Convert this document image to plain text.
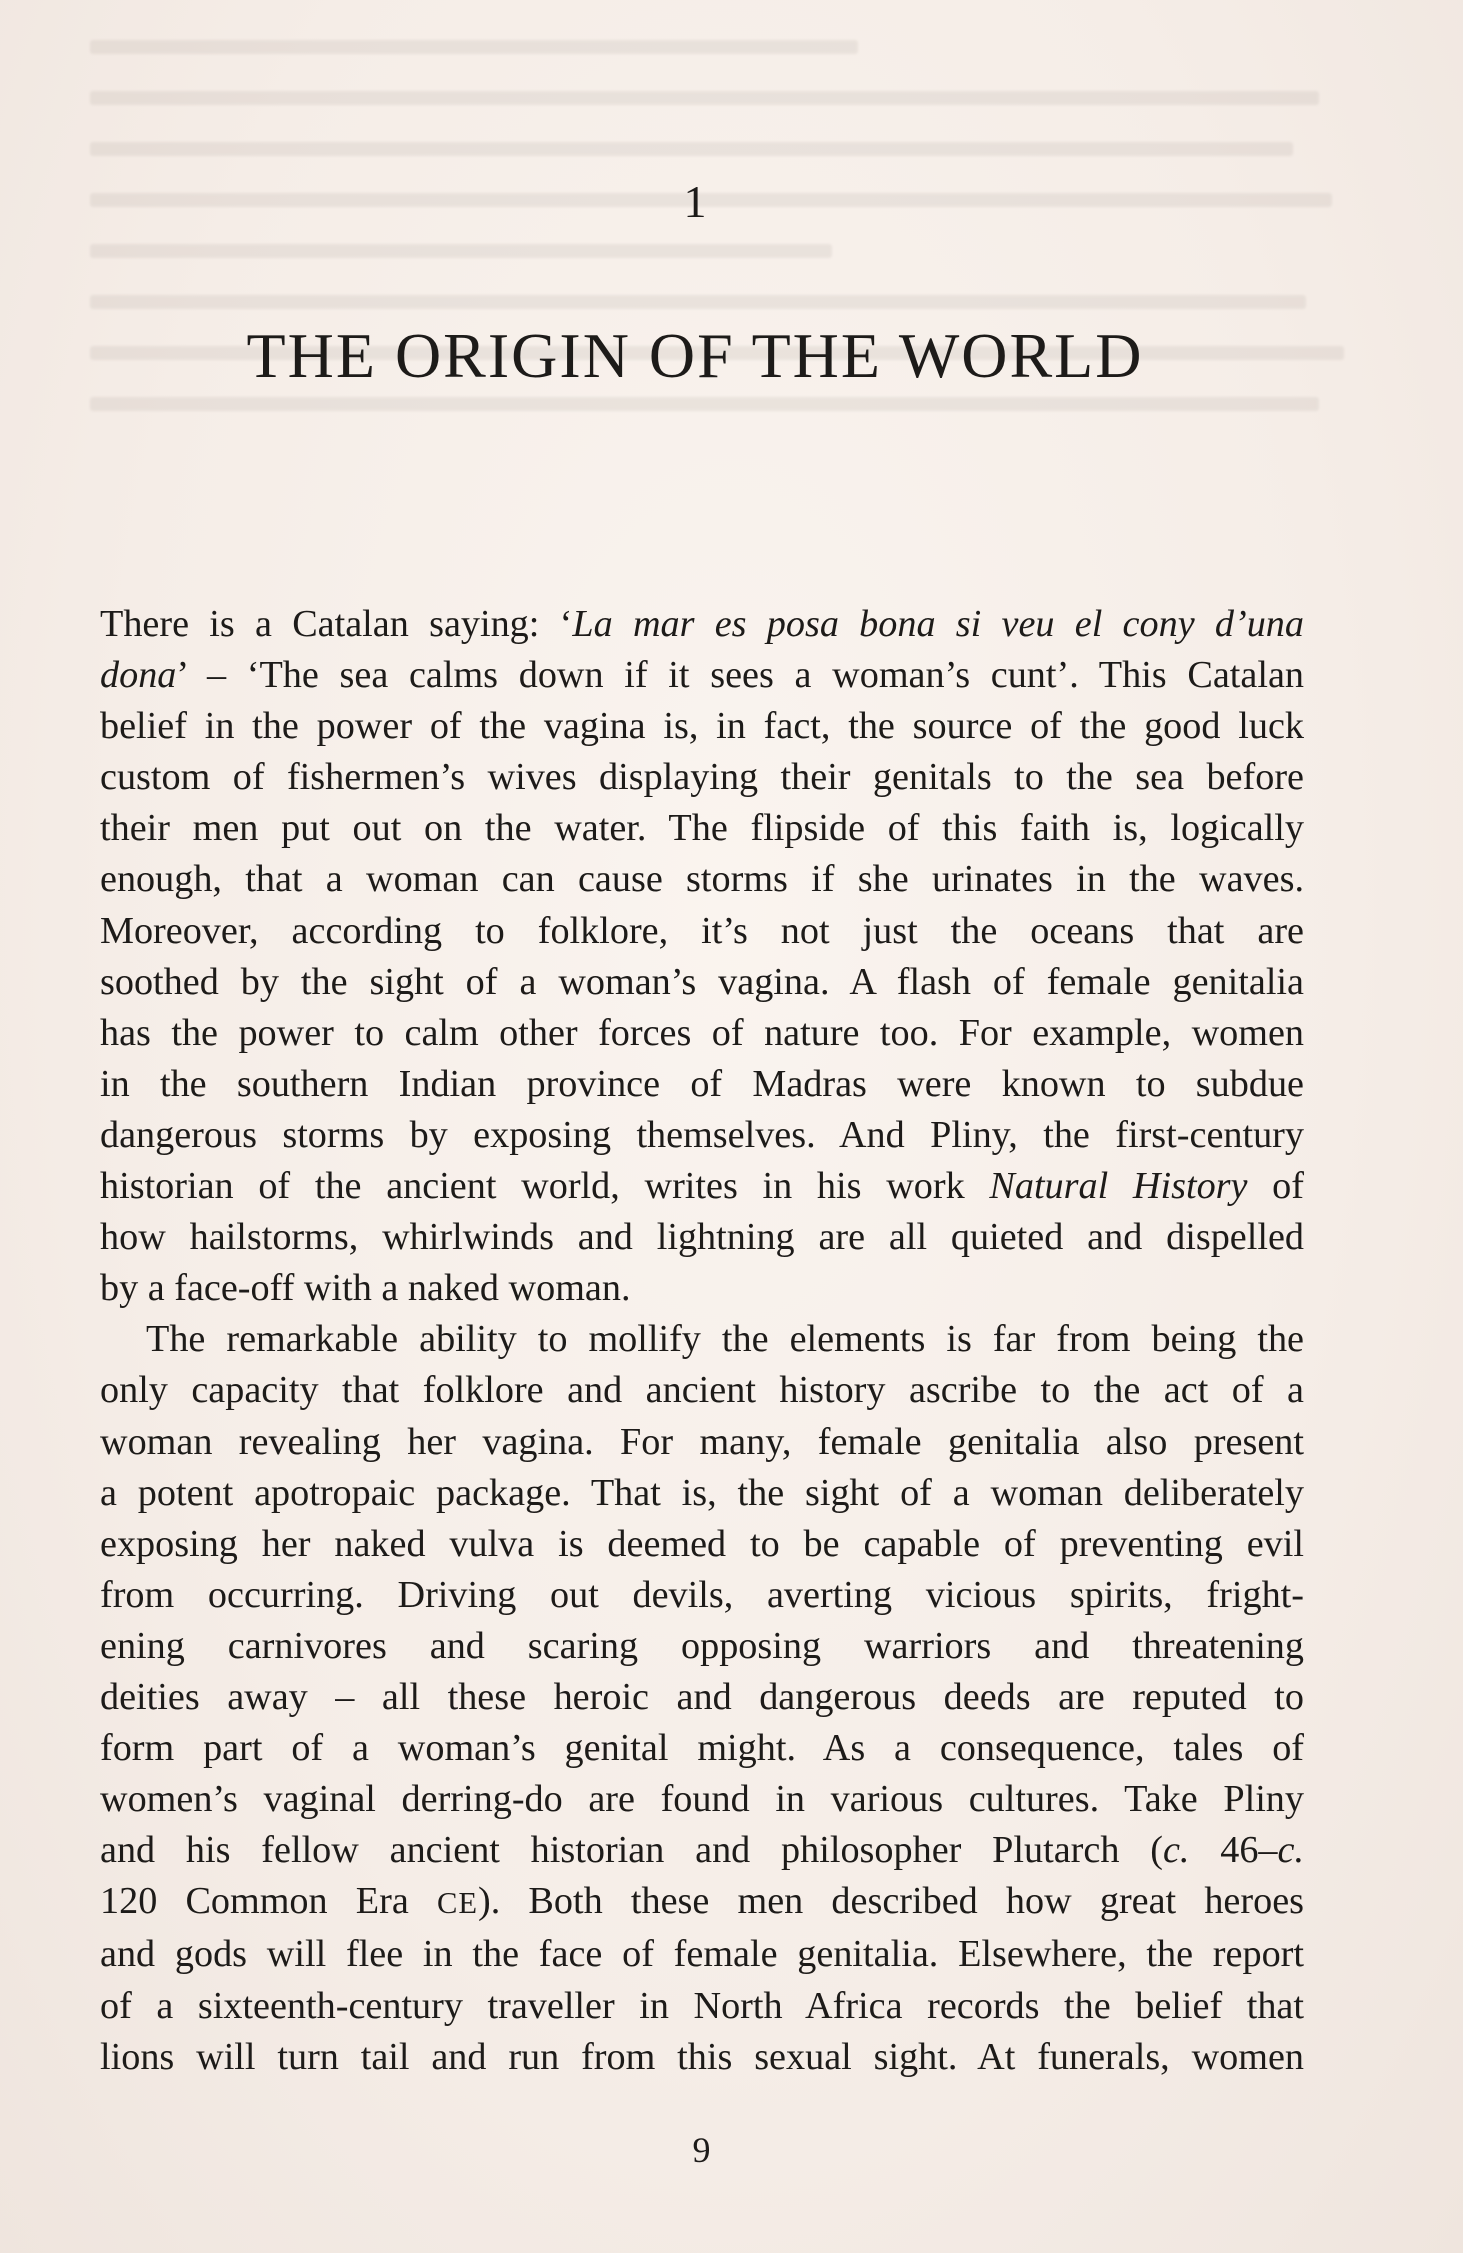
1
THE ORIGIN OF THE WORLD
There is a Catalan saying: ‘La mar es posa bona si veu el cony d’una
dona’ – ‘The sea calms down if it sees a woman’s cunt’. This Catalan
belief in the power of the vagina is, in fact, the source of the good luck
custom of fishermen’s wives displaying their genitals to the sea before
their men put out on the water. The flipside of this faith is, logically
enough, that a woman can cause storms if she urinates in the waves.
Moreover, according to folklore, it’s not just the oceans that are
soothed by the sight of a woman’s vagina. A flash of female genitalia
has the power to calm other forces of nature too. For example, women
in the southern Indian province of Madras were known to subdue
dangerous storms by exposing themselves. And Pliny, the first-century
historian of the ancient world, writes in his work Natural History of
how hailstorms, whirlwinds and lightning are all quieted and dispelled
by a face-off with a naked woman.
The remarkable ability to mollify the elements is far from being the
only capacity that folklore and ancient history ascribe to the act of a
woman revealing her vagina. For many, female genitalia also present
a potent apotropaic package. That is, the sight of a woman deliberately
exposing her naked vulva is deemed to be capable of preventing evil
from occurring. Driving out devils, averting vicious spirits, fright-
ening carnivores and scaring opposing warriors and threatening
deities away – all these heroic and dangerous deeds are reputed to
form part of a woman’s genital might. As a consequence, tales of
women’s vaginal derring-do are found in various cultures. Take Pliny
and his fellow ancient historian and philosopher Plutarch (c. 46–c.
120 Common Era CE). Both these men described how great heroes
and gods will flee in the face of female genitalia. Elsewhere, the report
of a sixteenth-century traveller in North Africa records the belief that
lions will turn tail and run from this sexual sight. At funerals, women
9
